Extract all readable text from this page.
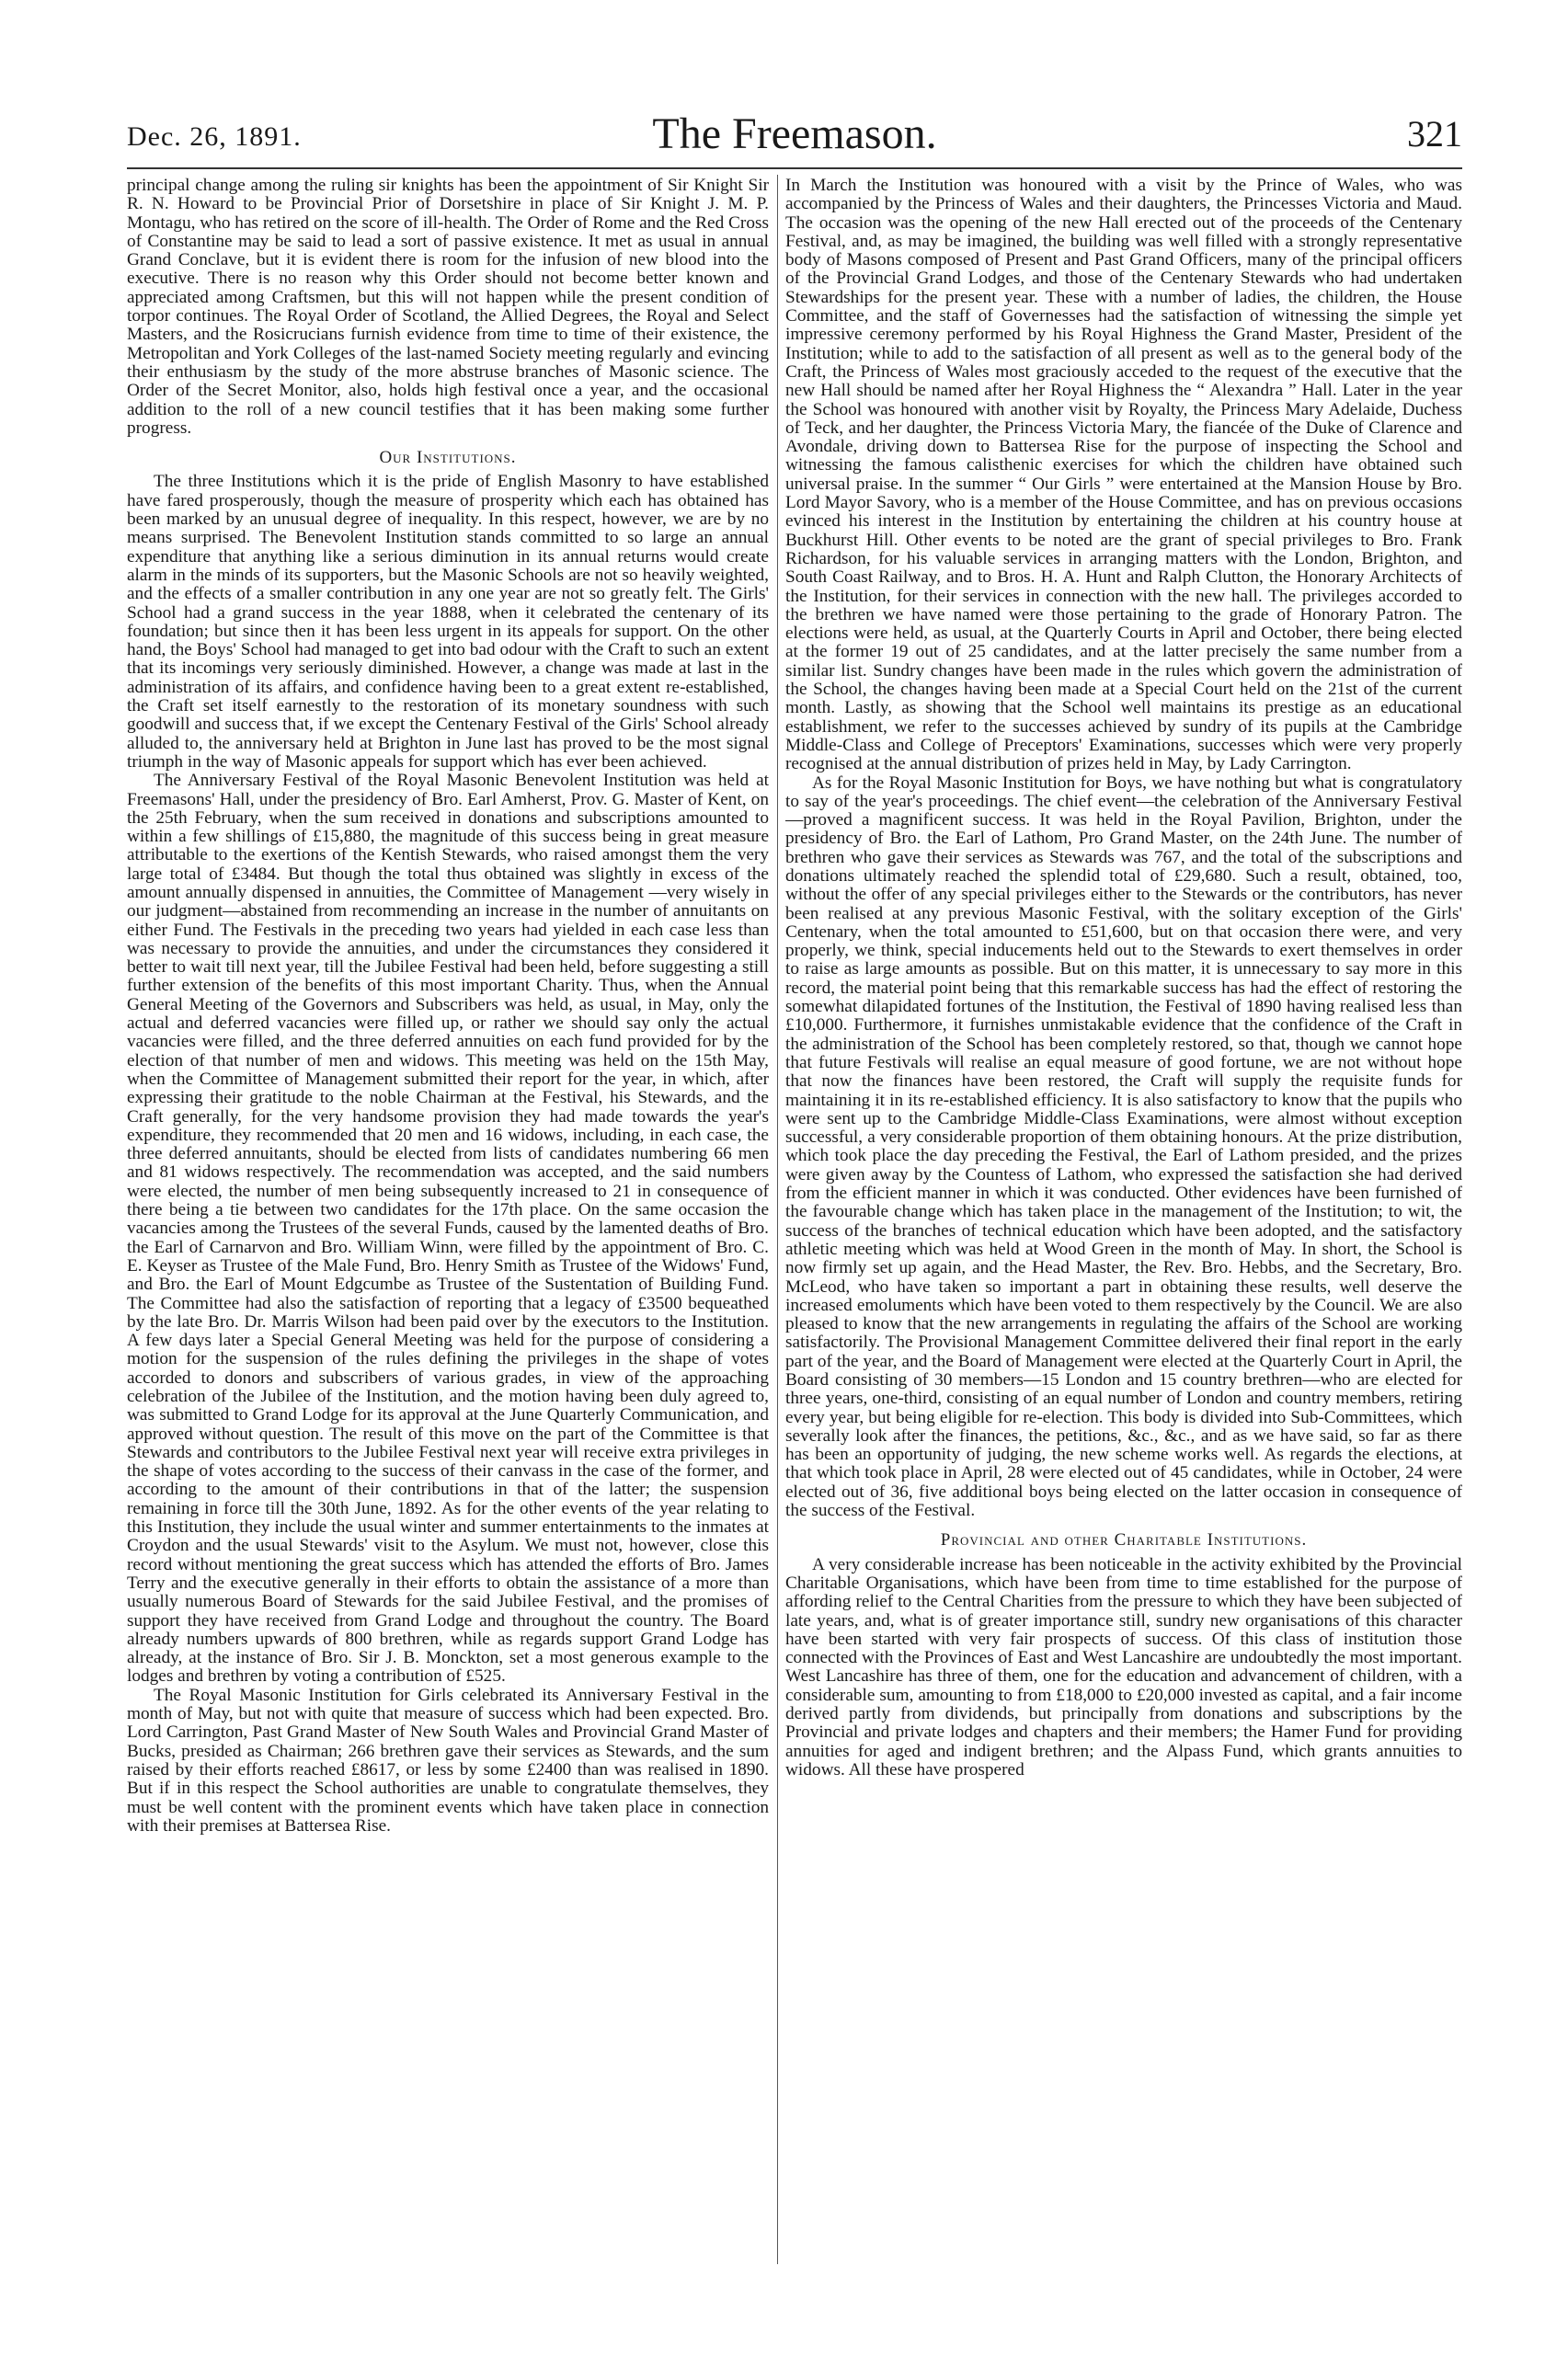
Dec. 26, 1891.	The Freemason.	321

principal change among the ruling sir knights has been the appointment of Sir Knight Sir R. N. Howard to be Provincial Prior of Dorsetshire in place of Sir Knight J. M. P. Montagu, who has retired on the score of ill-health. The Order of Rome and the Red Cross of Constantine may be said to lead a sort of passive existence. It met as usual in annual Grand Conclave, but it is evident there is room for the infusion of new blood into the executive. There is no reason why this Order should not become better known and appreciated among Craftsmen, but this will not happen while the present condition of torpor continues. The Royal Order of Scotland, the Allied Degrees, the Royal and Select Masters, and the Rosicrucians furnish evidence from time to time of their existence, the Metropolitan and York Colleges of the last-named Society meeting regularly and evincing their enthusiasm by the study of the more abstruse branches of Masonic science. The Order of the Secret Monitor, also, holds high festival once a year, and the occasional addition to the roll of a new council testifies that it has been making some further progress.

Our Institutions.

The three Institutions which it is the pride of English Masonry to have established have fared prosperously, though the measure of prosperity which each has obtained has been marked by an unusual degree of inequality. In this respect, however, we are by no means surprised. The Benevolent Institution stands committed to so large an annual expenditure that anything like a serious diminution in its annual returns would create alarm in the minds of its supporters, but the Masonic Schools are not so heavily weighted, and the effects of a smaller contribution in any one year are not so greatly felt. The Girls' School had a grand success in the year 1888, when it celebrated the centenary of its foundation; but since then it has been less urgent in its appeals for support. On the other hand, the Boys' School had managed to get into bad odour with the Craft to such an extent that its incomings very seriously diminished. However, a change was made at last in the administration of its affairs, and confidence having been to a great extent re-established, the Craft set itself earnestly to the restoration of its monetary soundness with such goodwill and success that, if we except the Centenary Festival of the Girls' School already alluded to, the anniversary held at Brighton in June last has proved to be the most signal triumph in the way of Masonic appeals for support which has ever been achieved.

The Anniversary Festival of the Royal Masonic Benevolent Institution was held at Freemasons' Hall, under the presidency of Bro. Earl Amherst, Prov. G. Master of Kent, on the 25th February, when the sum received in donations and subscriptions amounted to within a few shillings of £15,880, the magnitude of this success being in great measure attributable to the exertions of the Kentish Stewards, who raised amongst them the very large total of £3484. But though the total thus obtained was slightly in excess of the amount annually dispensed in annuities, the Committee of Management —very wisely in our judgment—abstained from recommending an increase in the number of annuitants on either Fund. The Festivals in the preceding two years had yielded in each case less than was necessary to provide the annuities, and under the circumstances they considered it better to wait till next year, till the Jubilee Festival had been held, before suggesting a still further extension of the benefits of this most important Charity. Thus, when the Annual General Meeting of the Governors and Subscribers was held, as usual, in May, only the actual and deferred vacancies were filled up, or rather we should say only the actual vacancies were filled, and the three deferred annuities on each fund provided for by the election of that number of men and widows. This meeting was held on the 15th May, when the Committee of Management submitted their report for the year, in which, after expressing their gratitude to the noble Chairman at the Festival, his Stewards, and the Craft generally, for the very handsome provision they had made towards the year's expenditure, they recommended that 20 men and 16 widows, including, in each case, the three deferred annuitants, should be elected from lists of candidates numbering 66 men and 81 widows respectively. The recommendation was accepted, and the said numbers were elected, the number of men being subsequently increased to 21 in consequence of there being a tie between two candidates for the 17th place. On the same occasion the vacancies among the Trustees of the several Funds, caused by the lamented deaths of Bro. the Earl of Carnarvon and Bro. William Winn, were filled by the appointment of Bro. C. E. Keyser as Trustee of the Male Fund, Bro. Henry Smith as Trustee of the Widows' Fund, and Bro. the Earl of Mount Edgcumbe as Trustee of the Sustentation of Building Fund. The Committee had also the satisfaction of reporting that a legacy of £3500 bequeathed by the late Bro. Dr. Marris Wilson had been paid over by the executors to the Institution. A few days later a Special General Meeting was held for the purpose of considering a motion for the suspension of the rules defining the privileges in the shape of votes accorded to donors and subscribers of various grades, in view of the approaching celebration of the Jubilee of the Institution, and the motion having been duly agreed to, was submitted to Grand Lodge for its approval at the June Quarterly Communication, and approved without question. The result of this move on the part of the Committee is that Stewards and contributors to the Jubilee Festival next year will receive extra privileges in the shape of votes according to the success of their canvass in the case of the former, and according to the amount of their contributions in that of the latter; the suspension remaining in force till the 30th June, 1892. As for the other events of the year relating to this Institution, they include the usual winter and summer entertainments to the inmates at Croydon and the usual Stewards' visit to the Asylum. We must not, however, close this record without mentioning the great success which has attended the efforts of Bro. James Terry and the executive generally in their efforts to obtain the assistance of a more than usually numerous Board of Stewards for the said Jubilee Festival, and the promises of support they have received from Grand Lodge and throughout the country. The Board already numbers upwards of 800 brethren, while as regards support Grand Lodge has already, at the instance of Bro. Sir J. B. Monckton, set a most generous example to the lodges and brethren by voting a contribution of £525.

The Royal Masonic Institution for Girls celebrated its Anniversary Festival in the month of May, but not with quite that measure of success which had been expected. Bro. Lord Carrington, Past Grand Master of New South Wales and Provincial Grand Master of Bucks, presided as Chairman; 266 brethren gave their services as Stewards, and the sum raised by their efforts reached £8617, or less by some £2400 than was realised in 1890. But if in this respect the School authorities are unable to congratulate themselves, they must be well content with the prominent events which have taken place in connection with their premises at Battersea Rise.

In March the Institution was honoured with a visit by the Prince of Wales, who was accompanied by the Princess of Wales and their daughters, the Princesses Victoria and Maud. The occasion was the opening of the new Hall erected out of the proceeds of the Centenary Festival, and, as may be imagined, the building was well filled with a strongly representative body of Masons composed of Present and Past Grand Officers, many of the principal officers of the Provincial Grand Lodges, and those of the Centenary Stewards who had undertaken Stewardships for the present year. These with a number of ladies, the children, the House Committee, and the staff of Governesses had the satisfaction of witnessing the simple yet impressive ceremony performed by his Royal Highness the Grand Master, President of the Institution; while to add to the satisfaction of all present as well as to the general body of the Craft, the Princess of Wales most graciously acceded to the request of the executive that the new Hall should be named after her Royal Highness the “ Alexandra ” Hall. Later in the year the School was honoured with another visit by Royalty, the Princess Mary Adelaide, Duchess of Teck, and her daughter, the Princess Victoria Mary, the fiancée of the Duke of Clarence and Avondale, driving down to Battersea Rise for the purpose of inspecting the School and witnessing the famous calisthenic exercises for which the children have obtained such universal praise. In the summer “ Our Girls ” were entertained at the Mansion House by Bro. Lord Mayor Savory, who is a member of the House Committee, and has on previous occasions evinced his interest in the Institution by entertaining the children at his country house at Buckhurst Hill. Other events to be noted are the grant of special privileges to Bro. Frank Richardson, for his valuable services in arranging matters with the London, Brighton, and South Coast Railway, and to Bros. H. A. Hunt and Ralph Clutton, the Honorary Architects of the Institution, for their services in connection with the new hall. The privileges accorded to the brethren we have named were those pertaining to the grade of Honorary Patron. The elections were held, as usual, at the Quarterly Courts in April and October, there being elected at the former 19 out of 25 candidates, and at the latter precisely the same number from a similar list. Sundry changes have been made in the rules which govern the administration of the School, the changes having been made at a Special Court held on the 21st of the current month. Lastly, as showing that the School well maintains its prestige as an educational establishment, we refer to the successes achieved by sundry of its pupils at the Cambridge Middle-Class and College of Preceptors' Examinations, successes which were very properly recognised at the annual distribution of prizes held in May, by Lady Carrington.

As for the Royal Masonic Institution for Boys, we have nothing but what is congratulatory to say of the year's proceedings. The chief event—the celebration of the Anniversary Festival—proved a magnificent success. It was held in the Royal Pavilion, Brighton, under the presidency of Bro. the Earl of Lathom, Pro Grand Master, on the 24th June. The number of brethren who gave their services as Stewards was 767, and the total of the subscriptions and donations ultimately reached the splendid total of £29,680. Such a result, obtained, too, without the offer of any special privileges either to the Stewards or the contributors, has never been realised at any previous Masonic Festival, with the solitary exception of the Girls' Centenary, when the total amounted to £51,600, but on that occasion there were, and very properly, we think, special inducements held out to the Stewards to exert themselves in order to raise as large amounts as possible. But on this matter, it is unnecessary to say more in this record, the material point being that this remarkable success has had the effect of restoring the somewhat dilapidated fortunes of the Institution, the Festival of 1890 having realised less than £10,000. Furthermore, it furnishes unmistakable evidence that the confidence of the Craft in the administration of the School has been completely restored, so that, though we cannot hope that future Festivals will realise an equal measure of good fortune, we are not without hope that now the finances have been restored, the Craft will supply the requisite funds for maintaining it in its re-established efficiency. It is also satisfactory to know that the pupils who were sent up to the Cambridge Middle-Class Examinations, were almost without exception successful, a very considerable proportion of them obtaining honours. At the prize distribution, which took place the day preceding the Festival, the Earl of Lathom presided, and the prizes were given away by the Countess of Lathom, who expressed the satisfaction she had derived from the efficient manner in which it was conducted. Other evidences have been furnished of the favourable change which has taken place in the management of the Institution; to wit, the success of the branches of technical education which have been adopted, and the satisfactory athletic meeting which was held at Wood Green in the month of May. In short, the School is now firmly set up again, and the Head Master, the Rev. Bro. Hebbs, and the Secretary, Bro. McLeod, who have taken so important a part in obtaining these results, well deserve the increased emoluments which have been voted to them respectively by the Council. We are also pleased to know that the new arrangements in regulating the affairs of the School are working satisfactorily. The Provisional Management Committee delivered their final report in the early part of the year, and the Board of Management were elected at the Quarterly Court in April, the Board consisting of 30 members—15 London and 15 country brethren—who are elected for three years, one-third, consisting of an equal number of London and country members, retiring every year, but being eligible for re-election. This body is divided into Sub-Committees, which severally look after the finances, the petitions, &c., &c., and as we have said, so far as there has been an opportunity of judging, the new scheme works well. As regards the elections, at that which took place in April, 28 were elected out of 45 candidates, while in October, 24 were elected out of 36, five additional boys being elected on the latter occasion in consequence of the success of the Festival.

Provincial and other Charitable Institutions.

A very considerable increase has been noticeable in the activity exhibited by the Provincial Charitable Organisations, which have been from time to time established for the purpose of affording relief to the Central Charities from the pressure to which they have been subjected of late years, and, what is of greater importance still, sundry new organisations of this character have been started with very fair prospects of success. Of this class of institution those connected with the Provinces of East and West Lancashire are undoubtedly the most important. West Lancashire has three of them, one for the education and advancement of children, with a considerable sum, amounting to from £18,000 to £20,000 invested as capital, and a fair income derived partly from dividends, but principally from donations and subscriptions by the Provincial and private lodges and chapters and their members; the Hamer Fund for providing annuities for aged and indigent brethren; and the Alpass Fund, which grants annuities to widows. All these have prospered
